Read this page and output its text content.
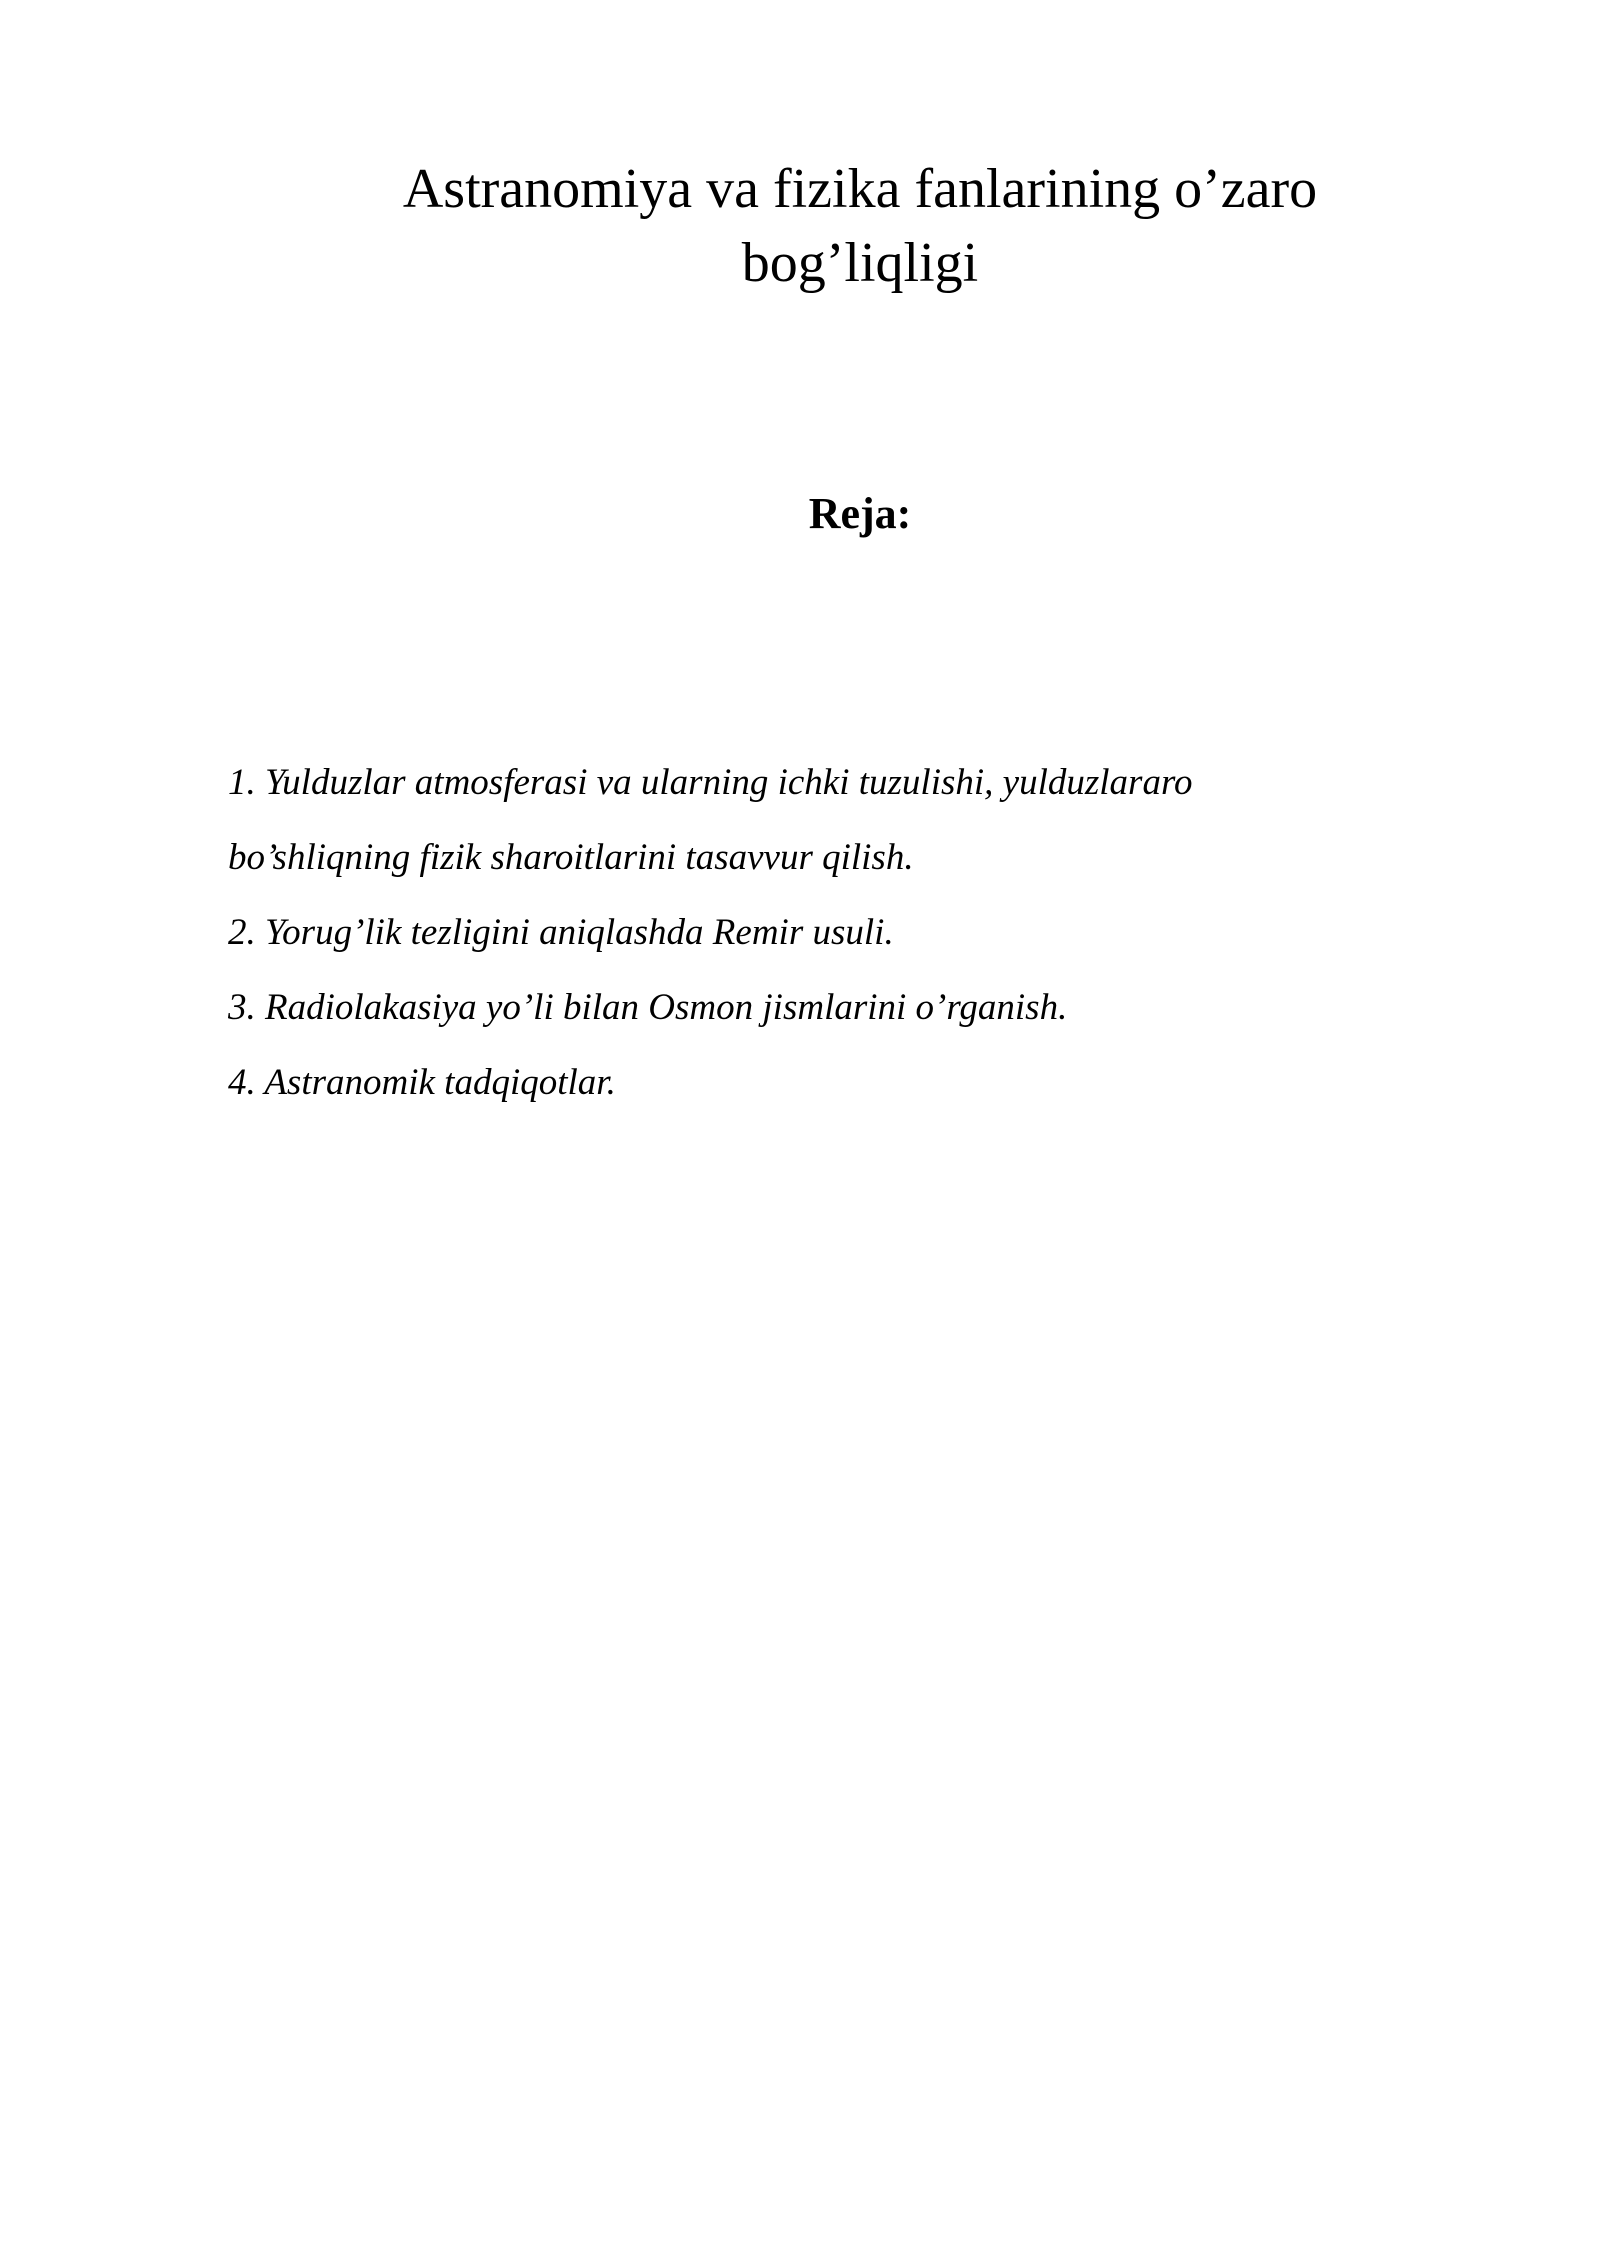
Astranomiya va fizika fanlarining o’zaro
bog’liqligi
Reja:
1. Yulduzlar atmosferasi va ularning ichki tuzulishi, yulduzlararo
bo’shliqning fizik sharoitlarini tasavvur qilish.
2. Yorug’lik tezligini aniqlashda Remir usuli.
3. Radiolakasiya yo’li bilan Osmon jismlarini o’rganish.
4. Astranomik tadqiqotlar.
